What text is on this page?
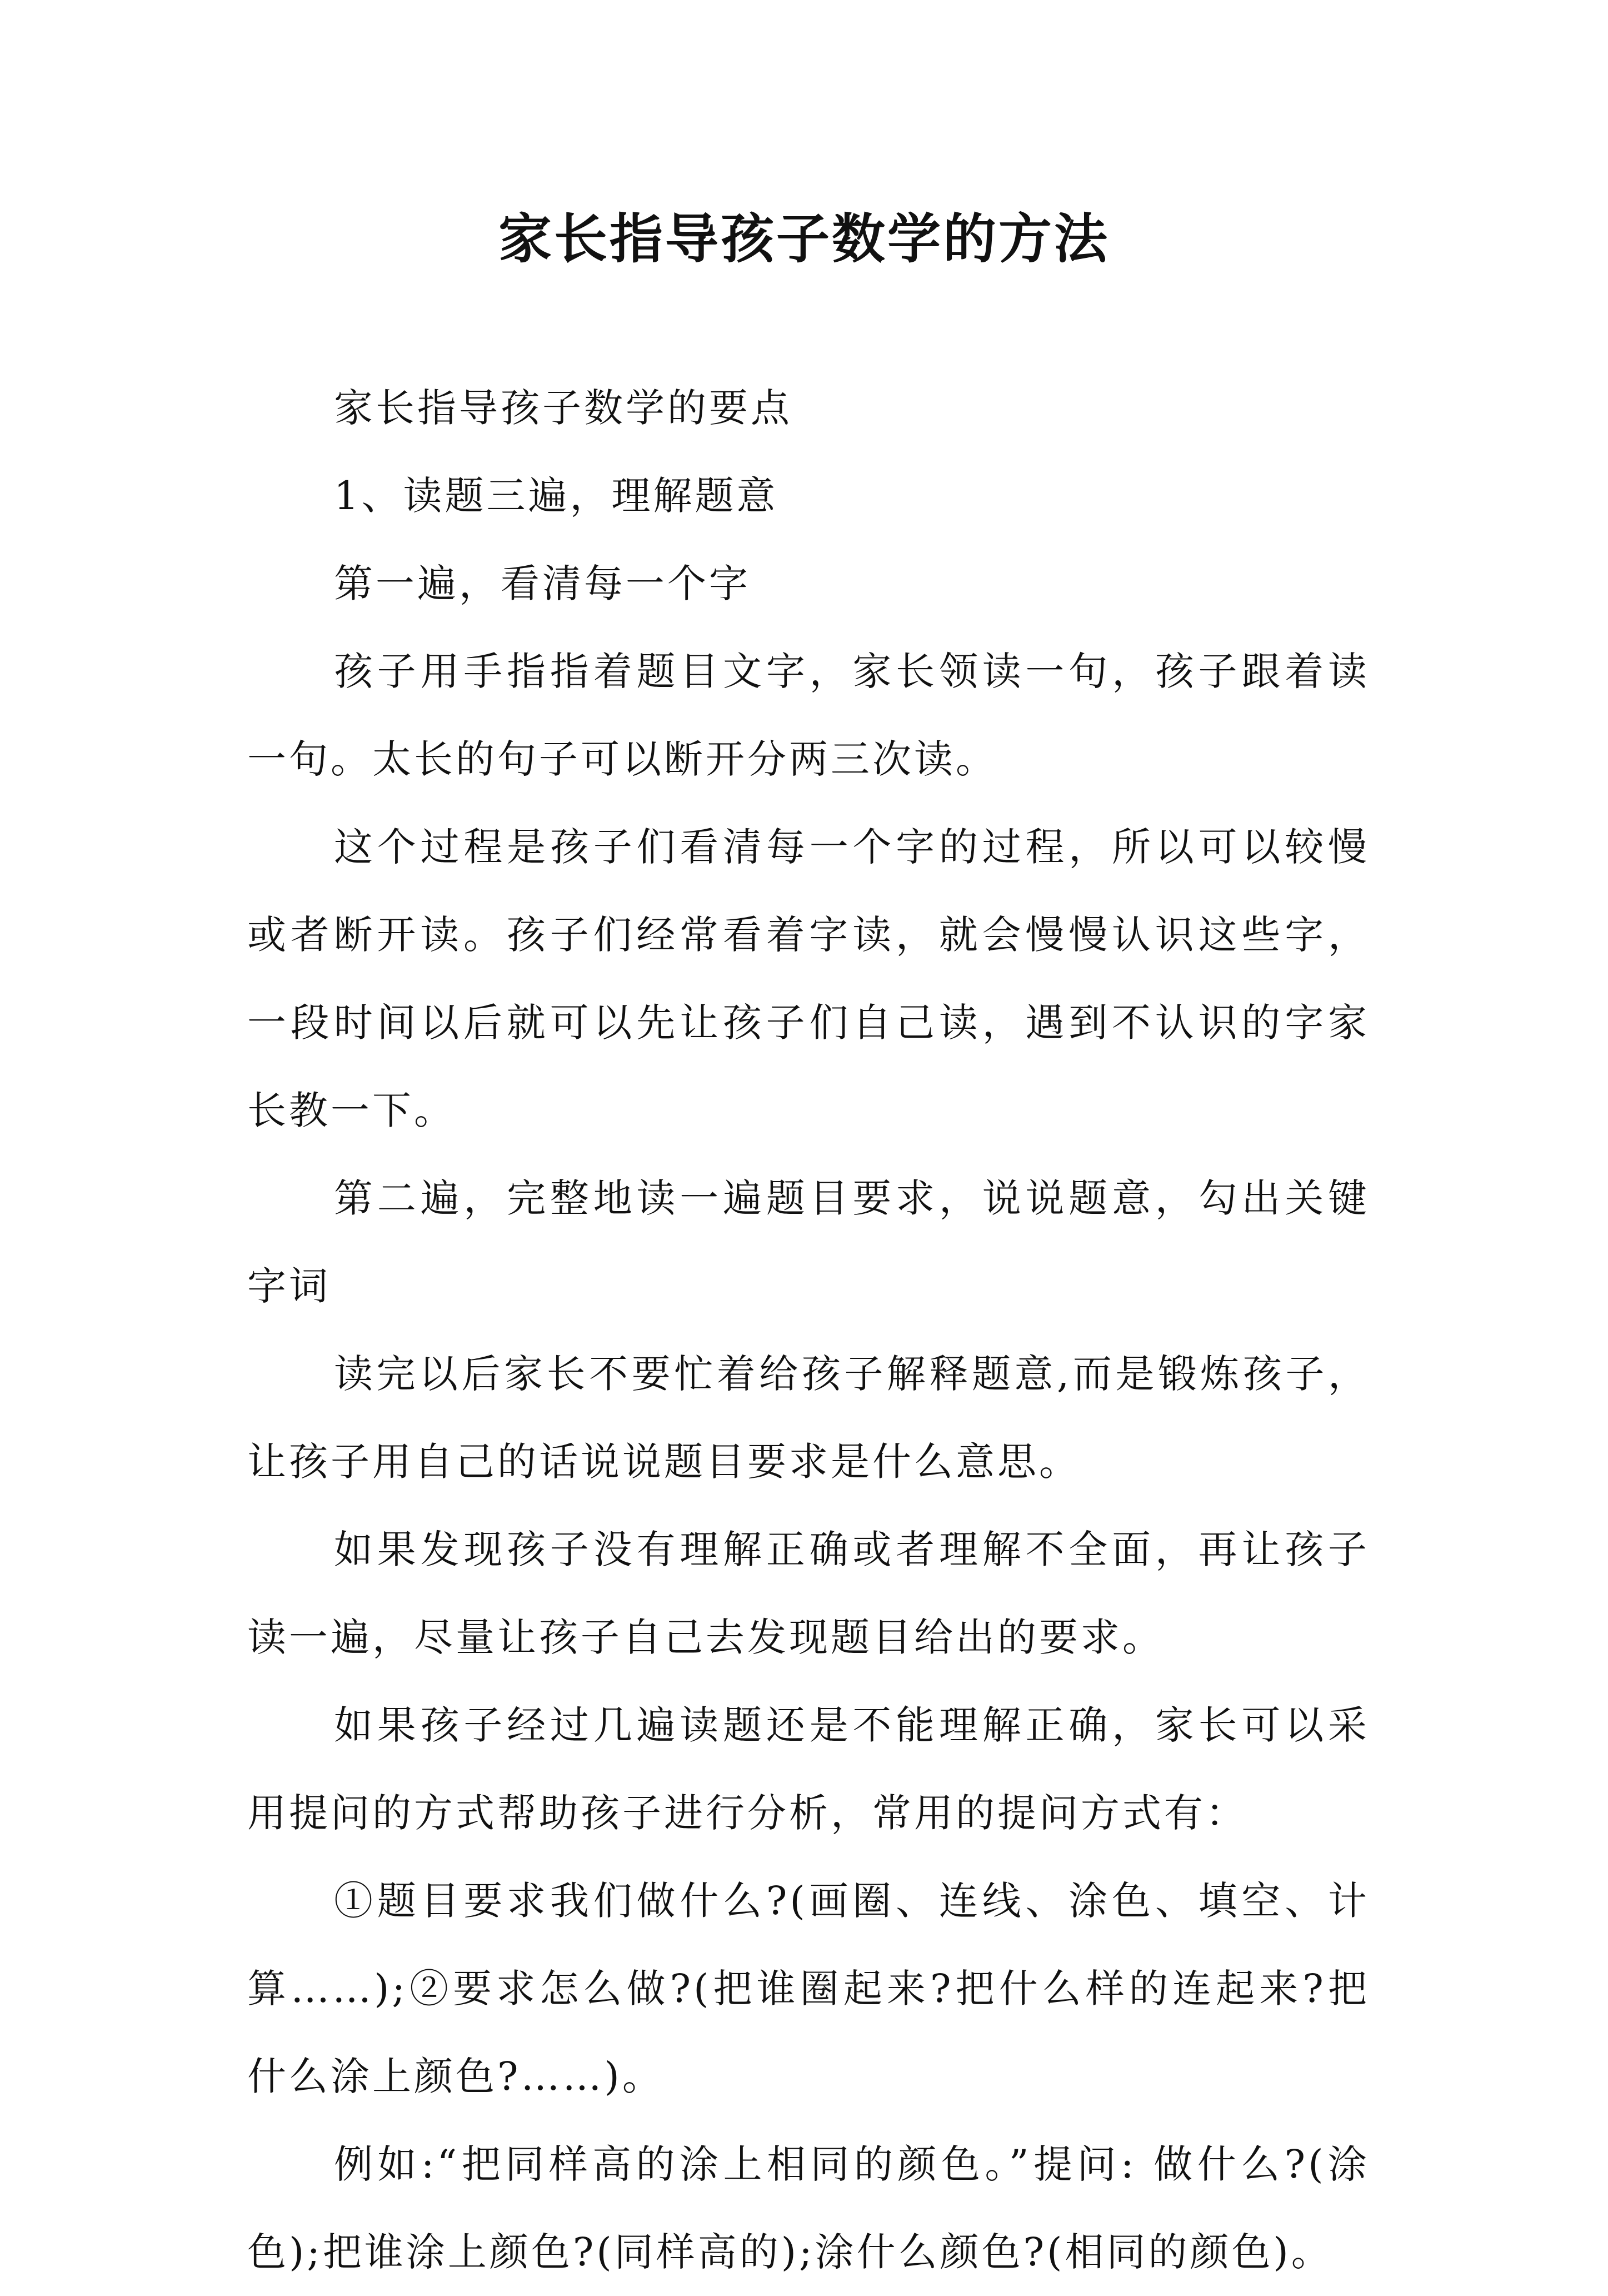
家长指导孩子数学的方法

家长指导孩子数学的要点

1、读题三遍，理解题意

第一遍，看清每一个字

孩子用手指指着题目文字，家长领读一句，孩子跟着读一句。太长的句子可以断开分两三次读。

这个过程是孩子们看清每一个字的过程，所以可以较慢或者断开读。孩子们经常看着字读，就会慢慢认识这些字，一段时间以后就可以先让孩子们自己读，遇到不认识的字家长教一下。

第二遍，完整地读一遍题目要求，说说题意，勾出关键字词

读完以后家长不要忙着给孩子解释题意,而是锻炼孩子，让孩子用自己的话说说题目要求是什么意思。

如果发现孩子没有理解正确或者理解不全面，再让孩子读一遍，尽量让孩子自己去发现题目给出的要求。

如果孩子经过几遍读题还是不能理解正确，家长可以采用提问的方式帮助孩子进行分析，常用的提问方式有：

①题目要求我们做什么?(画圈、连线、涂色、填空、计算……);②要求怎么做?(把谁圈起来?把什么样的连起来?把什么涂上颜色?……)。

例如:“把同样高的涂上相同的颜色。”提问: 做什么?(涂色);把谁涂上颜色?(同样高的);涂什么颜色?(相同的颜色)。
